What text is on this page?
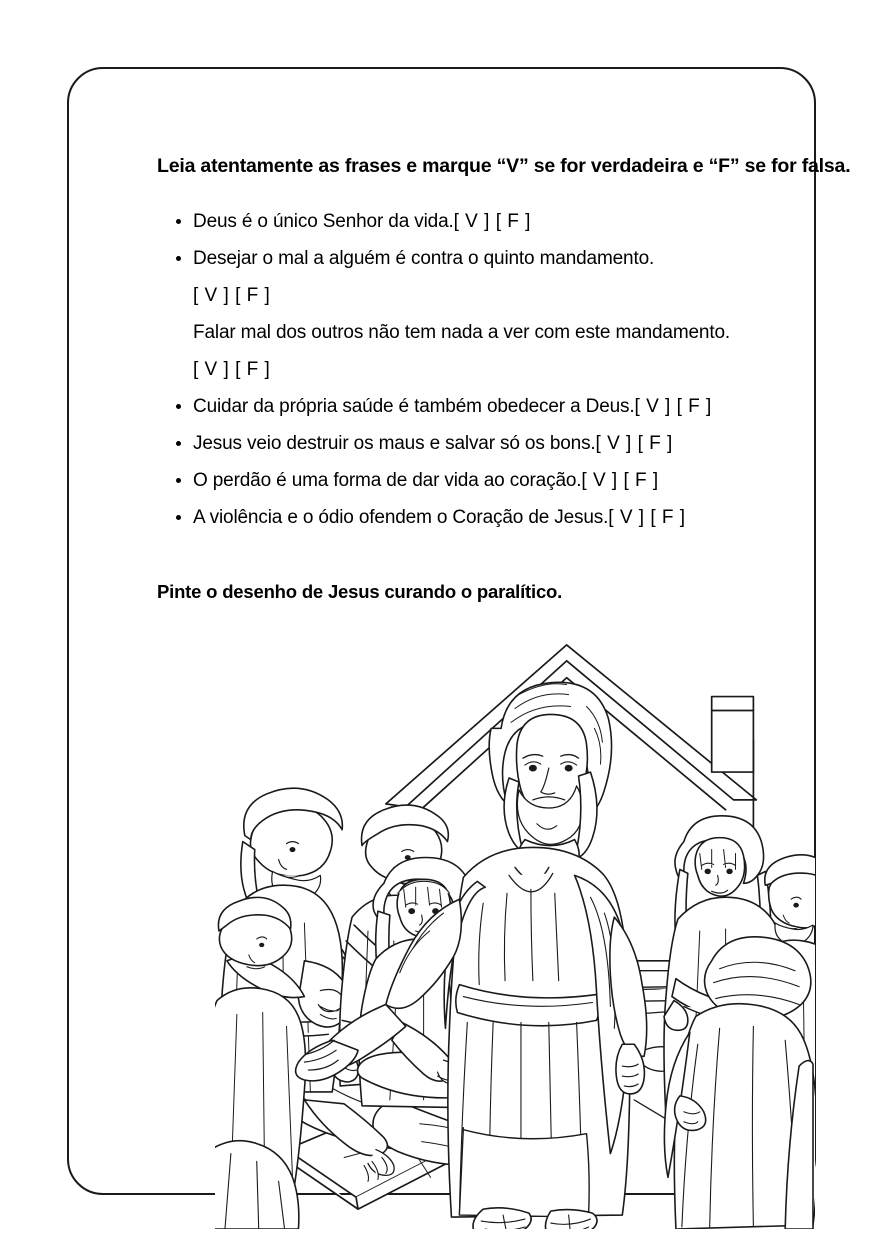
Leia atentamente as frases e marque “V” se for verdadeira e “F” se for falsa.
Deus é o único Senhor da vida.[ V ] [ F ]
Desejar o mal a alguém é contra o quinto mandamento.
[ V ] [ F ]
Falar mal dos outros não tem nada a ver com este mandamento.
[ V ] [ F ]
Cuidar da própria saúde é também obedecer a Deus.[ V ] [ F ]
Jesus veio destruir os maus e salvar só os bons.[ V ] [ F ]
O perdão é uma forma de dar vida ao coração.[ V ] [ F ]
A violência e o ódio ofendem o Coração de Jesus.[ V ] [ F ]
Pinte o desenho de Jesus curando o paralítico.
